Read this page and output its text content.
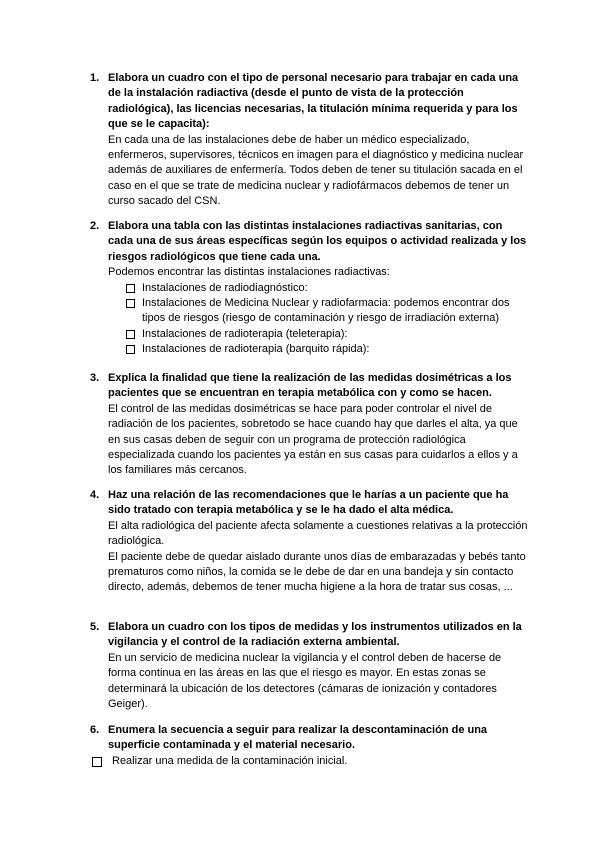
1. Elabora un cuadro con el tipo de personal necesario para trabajar en cada una de la instalación radiactiva (desde el punto de vista de la protección radiológica), las licencias necesarias, la titulación mínima requerida y para los que se le capacita):

En cada una de las instalaciones debe de haber un médico especializado, enfermeros, supervisores, técnicos en imagen para el diagnóstico y medicina nuclear además de auxiliares de enfermería. Todos deben de tener su titulación sacada en el caso en el que se trate de medicina nuclear y radiofármacos debemos de tener un curso sacado del CSN.

2. Elabora una tabla con las distintas instalaciones radiactivas sanitarias, con cada una de sus áreas específicas según los equipos o actividad realizada y los riesgos radiológicos que tiene cada una.

Podemos encontrar las distintas instalaciones radiactivas:

Instalaciones de radiodiagnóstico:
Instalaciones de Medicina Nuclear y radiofarmacia: podemos encontrar dos tipos de riesgos (riesgo de contaminación y riesgo de irradiación externa)
Instalaciones de radioterapia (teleterapia):
Instalaciones de radioterapia (barquito rápida):
3. Explica la finalidad que tiene la realización de las medidas dosimétricas a los pacientes que se encuentran en terapia metabólica con y como se hacen.

El control de las medidas dosimétricas se hace para poder controlar el nivel de radiación de los pacientes, sobretodo se hace cuando hay que darles el alta, ya que en sus casas deben de seguir con un programa de protección radiológica especializada cuando los pacientes ya están en sus casas para cuidarlos a ellos y a los familiares más cercanos.

4. Haz una relación de las recomendaciones que le harías a un paciente que ha sido tratado con terapia metabólica y se le ha dado el alta médica.

El alta radiológica del paciente afecta solamente a cuestiones relativas a la protección radiológica.

El paciente debe de quedar aislado durante unos días de embarazadas y bebés tanto prematuros como niños, la comida se le debe de dar en una bandeja y sin contacto directo, además, debemos de tener mucha higiene a la hora de tratar sus cosas, ...

5. Elabora un cuadro con los tipos de medidas y los instrumentos utilizados en la vigilancia y el control de la radiación externa ambiental.

En un servicio de medicina nuclear la vigilancia y el control deben de hacerse de forma continua en las áreas en las que el riesgo es mayor. En estas zonas se determinará la ubicación de los detectores (cámaras de ionización y contadores Geiger).

6. Enumera la secuencia a seguir para realizar la descontaminación de una superficie contaminada y el material necesario.
Realizar una medida de la contaminación inicial.
